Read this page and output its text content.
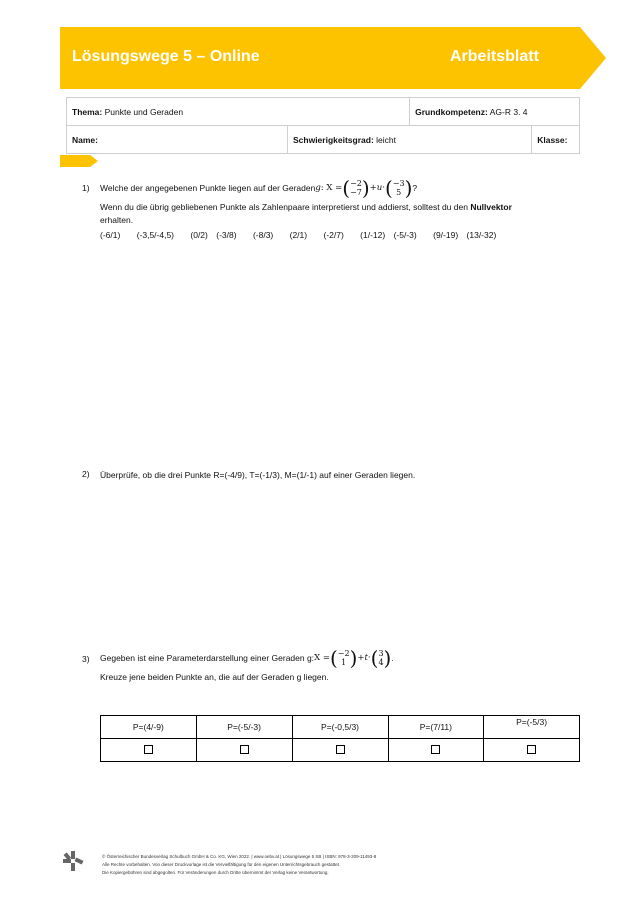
Lösungswege 5 – Online	Arbeitsblatt
Thema: Punkte und Geraden		Grundkompetenz: AG-R 3. 4	
Name:	Schwierigkeitsgrad: leicht		Klasse:
1) Welche der angegebenen Punkte liegen auf der Geraden g : X = ( −2
−7 ) + u · ( −3
5 ) ?
Wenn du die übrig gebliebenen Punkte als Zahlenpaare interpretierst und addierst, solltest du den Nullvektor
erhalten.
(-6/1) (-3,5/-4,5) (0/2) (-3/8) (-8/3) (2/1) (-2/7) (1/-12) (-5/-3) (9/-19) (13/-32)
2) Überprüfe, ob die drei Punkte R=(-4/9), T=(-1/3), M=(1/-1) auf einer Geraden liegen.
3) Gegeben ist eine Parameterdarstellung einer Geraden g: X = ( −2
1 ) + t · ( 3
4 ) .
Kreuze jene beiden Punkte an, die auf der Geraden g liegen.
P=(4/-9)	P=(-5/-3)	P=(-0,5/3)	P=(7/11)	P=(-5/3)

© Österreichischer Bundesverlag Schulbuch GmbH & Co. KG, Wien 2022. | www.oebv.at | Lösungswege 5 SB | ISBN: 978-3-209-11493-8
Alle Rechte vorbehalten. Von dieser Druckvorlage ist die Vervielfältigung für den eigenen Unterrichtsgebrauch gestattet.
Die Kopiergebühren sind abgegolten. Für Veränderungen durch Dritte übernimmt der Verlag keine Verantwortung.
